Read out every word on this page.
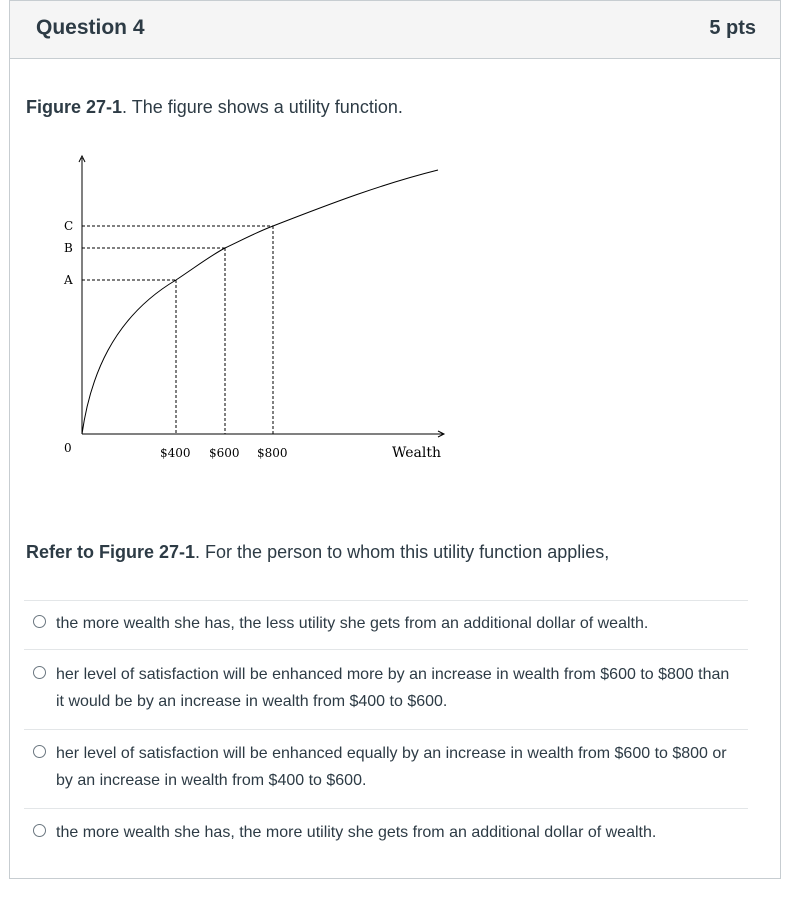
Question 4	5 pts
Figure 27-1. The figure shows a utility function.
C
B
A
0	$400 $600 $800	Wealth
Refer to Figure 27-1. For the person to whom this utility function applies,
the more wealth she has, the less utility she gets from an additional dollar of wealth.
her level of satisfaction will be enhanced more by an increase in wealth from $600 to $800 than it would be by an increase in wealth from $400 to $600.
her level of satisfaction will be enhanced equally by an increase in wealth from $600 to $800 or by an increase in wealth from $400 to $600.
the more wealth she has, the more utility she gets from an additional dollar of wealth.
